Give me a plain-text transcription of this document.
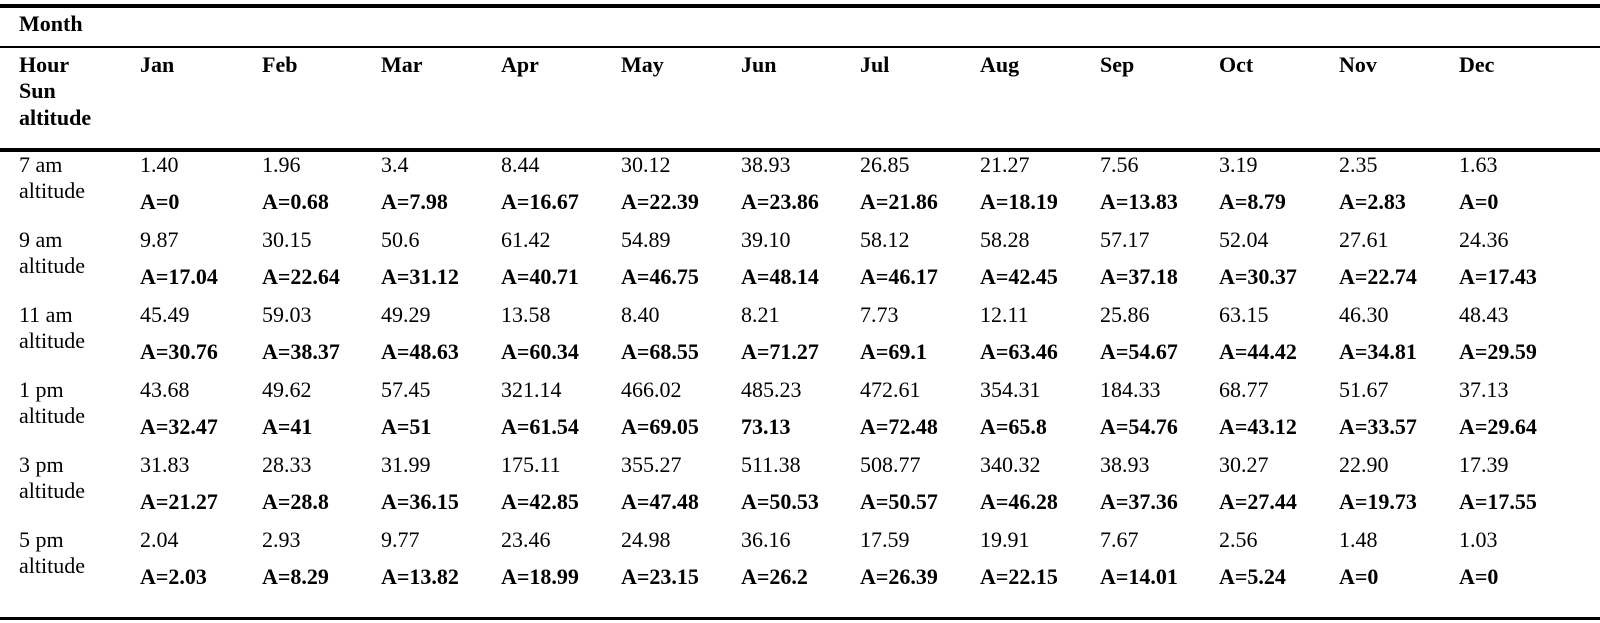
Month
Hour
Sun
altitude
Jan	Feb	Mar	Apr	May	Jun	Jul	Aug	Sep	Oct	Nov	Dec
7 am
altitude
1.40	1.96	3.4	8.44	30.12	38.93	26.85	21.27	7.56	3.19	2.35	1.63
A=0	A=0.68 A=7.98 A=16.67 A=22.39 A=23.86 A=21.86 A=18.19 A=13.83 A=8.79 A=2.83 A=0
9 am
altitude
9.87	30.15	50.6	61.42	54.89	39.10	58.12	58.28	57.17	52.04	27.61	24.36
A=17.04 A=22.64 A=31.12 A=40.71 A=46.75 A=48.14 A=46.17 A=42.45 A=37.18 A=30.37 A=22.74 A=17.43
11 am
altitude
45.49	59.03	49.29	13.58	8.40	8.21	7.73	12.11	25.86	63.15	46.30	48.43
A=30.76 A=38.37 A=48.63 A=60.34 A=68.55 A=71.27 A=69.1 A=63.46 A=54.67 A=44.42 A=34.81 A=29.59
1 pm
altitude
43.68	49.62	57.45	321.14	466.02	485.23	472.61	354.31	184.33	68.77	51.67	37.13
A=32.47 A=41	A=51	A=61.54 A=69.05 73.13	A=72.48 A=65.8 A=54.76 A=43.12 A=33.57 A=29.64
3 pm
altitude
31.83	28.33	31.99	175.11	355.27	511.38	508.77	340.32	38.93	30.27	22.90	17.39
A=21.27 A=28.8 A=36.15 A=42.85 A=47.48 A=50.53 A=50.57 A=46.28 A=37.36 A=27.44 A=19.73 A=17.55
5 pm
altitude
2.04	2.93	9.77	23.46	24.98	36.16	17.59	19.91	7.67	2.56	1.48	1.03
A=2.03	A=8.29 A=13.82 A=18.99 A=23.15 A=26.2 A=26.39 A=22.15 A=14.01 A=5.24 A=0	A=0
